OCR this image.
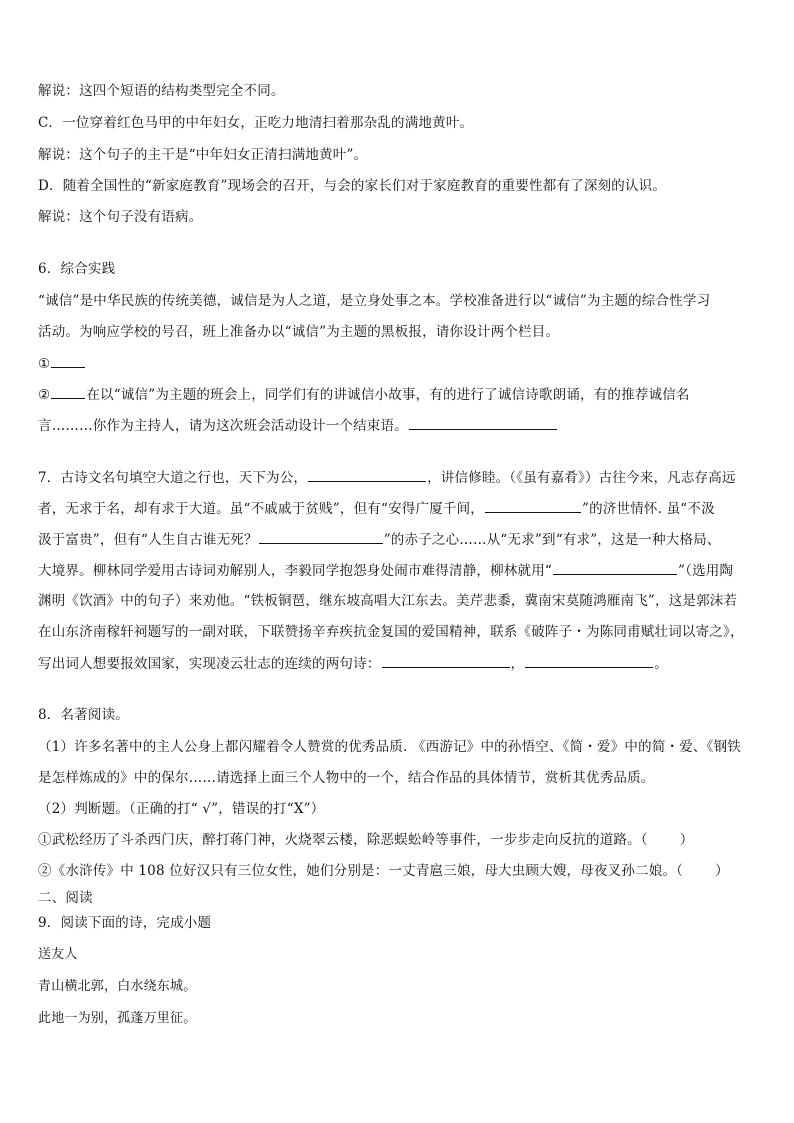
解说：这四个短语的结构类型完全不同。
C．一位穿着红色马甲的中年妇女，正吃力地清扫着那杂乱的满地黄叶。
解说：这个句子的主干是“中年妇女正清扫满地黄叶”。
D．随着全国性的“新家庭教育”现场会的召开，与会的家长们对于家庭教育的重要性都有了深刻的认识。
解说：这个句子没有语病。
6．综合实践
“诚信”是中华民族的传统美德，诚信是为人之道，是立身处事之本。学校准备进行以“诚信”为主题的综合性学习
活动。为响应学校的号召，班上准备办以“诚信”为主题的黑板报，请你设计两个栏目。
①
②	在以“诚信”为主题的班会上，同学们有的讲诚信小故事，有的进行了诚信诗歌朗诵，有的推荐诚信名
言………你作为主持人，请为这次班会活动设计一个结束语。
7．古诗文名句填空大道之行也，天下为公，	，讲信修睦。（《虽有嘉肴》）古往今来，凡志存高远
者，无求于名，却有求于大道。虽“不戚戚于贫贱”，但有“安得广厦千间，	”的济世情怀. 虽“不汲
汲于富贵”，但有“人生自古谁无死？	”的赤子之心……从“无求”到“有求”，这是一种大格局、
大境界。柳林同学爱用古诗词劝解别人，李毅同学抱怨身处闹市难得清静，柳林就用“	”（选用陶
渊明《饮酒》中的句子）来劝他。“铁板铜琶，继东坡高唱大江东去。美芹悲黍，冀南宋莫随鸿雁南飞”，这是郭沫若
在山东济南稼轩祠题写的一副对联，下联赞扬辛弃疾抗金复国的爱国精神，联系《破阵子・为陈同甫赋壮词以寄之》，
写出词人想要报效国家，实现凌云壮志的连续的两句诗：	，	。
8．名著阅读。
（1）许多名著中的主人公身上都闪耀着令人赞赏的优秀品质. 《西游记》中的孙悟空、《简・爱》中的简・爱、《钢铁
是怎样炼成的》中的保尔……请选择上面三个人物中的一个，结合作品的具体情节，赏析其优秀品质。
（2）判断题。（正确的打“ √”，错误的打“X”）
①武松经历了斗杀西门庆，醉打蒋门神，火烧翠云楼，除恶蜈蚣岭等事件，一步步走向反抗的道路。（ ）
②《水浒传》中 108 位好汉只有三位女性，她们分别是：一丈青扈三娘，母大虫顾大嫂，母夜叉孙二娘。（ ）
二、阅读
9．阅读下面的诗，完成小题
送友人
青山横北郭，白水绕东城。
此地一为别，孤蓬万里征。
